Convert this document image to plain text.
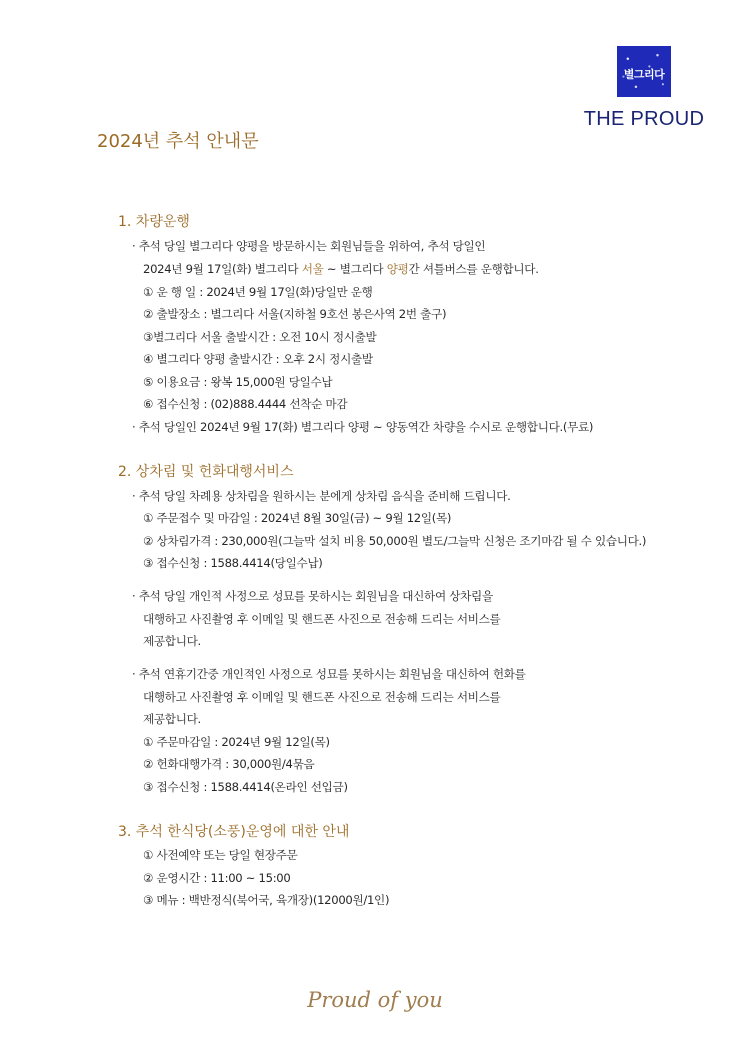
별그리다
THE PROUD
2024년 추석 안내문
1. 차량운행
· 추석 당일 별그리다 양평을 방문하시는 회원님들을 위하여, 추석 당일인
2024년 9월 17일(화) 별그리다 서울 ~ 별그리다 양평간 셔틀버스를 운행합니다.
① 운 행 일 : 2024년 9월 17일(화)당일만 운행
② 출발장소 : 별그리다 서울(지하철 9호선 봉은사역 2번 출구)
③별그리다 서울 출발시간 : 오전 10시 정시출발
④ 별그리다 양평 출발시간 : 오후 2시 정시출발
⑤ 이용요금 : 왕복 15,000원 당일수납
⑥ 접수신청 : (02)888.4444 선착순 마감
· 추석 당일인 2024년 9월 17(화) 별그리다 양평 ~ 양동역간 차량을 수시로 운행합니다.(무료)
2. 상차림 및 헌화대행서비스
· 추석 당일 차례용 상차림을 원하시는 분에게 상차림 음식을 준비해 드립니다.
① 주문접수 및 마감일 : 2024년 8월 30일(금) ~ 9월 12일(목)
② 상차림가격 : 230,000원(그늘막 설치 비용 50,000원 별도/그늘막 신청은 조기마감 될 수 있습니다.)
③ 접수신청 : 1588.4414(당일수납)
· 추석 당일 개인적 사정으로 성묘를 못하시는 회원님을 대신하여 상차림을
대행하고 사진촬영 후 이메일 및 핸드폰 사진으로 전송해 드리는 서비스를
제공합니다.
· 추석 연휴기간중 개인적인 사정으로 성묘를 못하시는 회원님을 대신하여 헌화를
대행하고 사진촬영 후 이메일 및 핸드폰 사진으로 전송해 드리는 서비스를
제공합니다.
① 주문마감일 : 2024년 9월 12일(목)
② 헌화대행가격 : 30,000원/4묶음
③ 접수신청 : 1588.4414(온라인 선입금)
3. 추석 한식당(소풍)운영에 대한 안내
① 사전예약 또는 당일 현장주문
② 운영시간 : 11:00 ~ 15:00
③ 메뉴 : 백반정식(북어국, 육개장)(12000원/1인)
Proud of you
